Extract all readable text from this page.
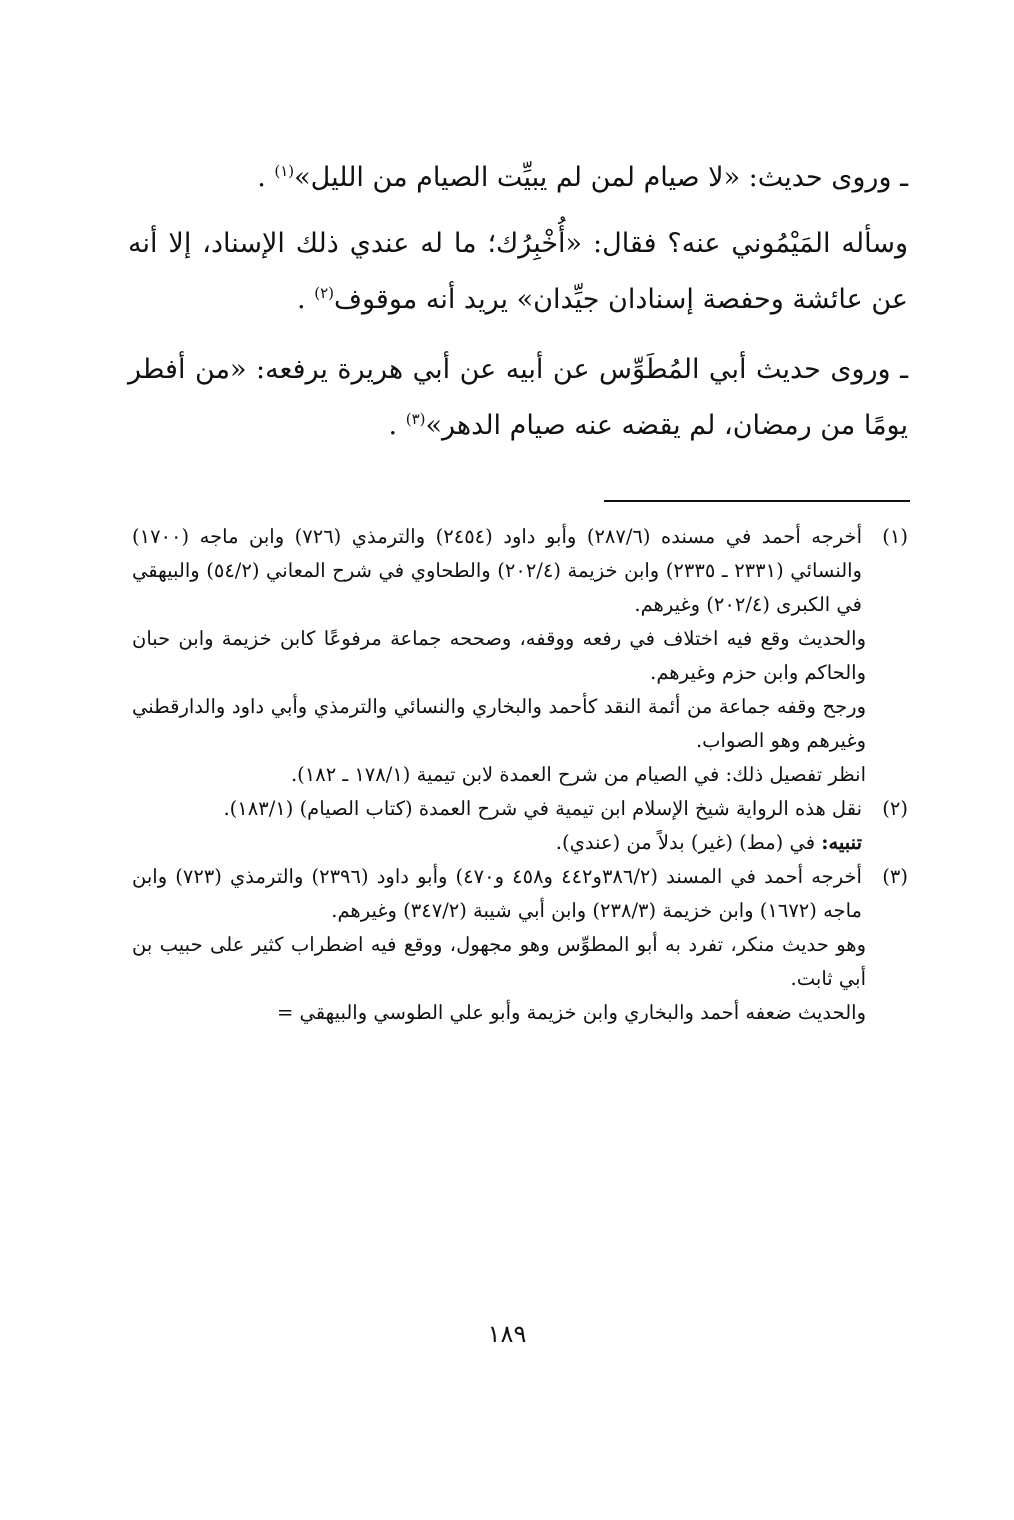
ـ وروى حديث: «لا صيام لمن لم يبيِّت الصيام من الليل»$^{(١)}$ .

وسأله المَيْمُوني عنه؟ فقال: «أُخْبِرُك؛ ما له عندي ذلك الإسناد، إلا أنه عن عائشة وحفصة إسنادان جيِّدان» يريد أنه موقوف$^{(٢)}$ .

ـ وروى حديث أبي المُطَوِّس عن أبيه عن أبي هريرة يرفعه: «من أفطر يومًا من رمضان، لم يقضه عنه صيام الدهر»$^{(٣)}$ .

(١)

أخرجه أحمد في مسنده (٢٨٧/٦) وأبو داود (٢٤٥٤) والترمذي (٧٢٦) وابن ماجه (١٧٠٠) والنسائي (٢٣٣١ ـ ٢٣٣٥) وابن خزيمة (٢٠٢/٤) والطحاوي في شرح المعاني (٥٤/٢) والبيهقي في الكبرى (٢٠٢/٤) وغيرهم.

والحديث وقع فيه اختلاف في رفعه ووقفه، وصححه جماعة مرفوعًا كابن خزيمة وابن حبان والحاكم وابن حزم وغيرهم.

ورجح وقفه جماعة من أئمة النقد كأحمد والبخاري والنسائي والترمذي وأبي داود والدارقطني وغيرهم وهو الصواب.

انظر تفصيل ذلك: في الصيام من شرح العمدة لابن تيمية (١٧٨/١ ـ ١٨٢).

(٢)

نقل هذه الرواية شيخ الإسلام ابن تيمية في شرح العمدة (كتاب الصيام) (١٨٣/١).

تنبيه: في (مط) (غير) بدلاً من (عندي).

(٣)

أخرجه أحمد في المسند (٣٨٦/٢و٤٤٢ و٤٥٨ و٤٧٠) وأبو داود (٢٣٩٦) والترمذي (٧٢٣) وابن ماجه (١٦٧٢) وابن خزيمة (٢٣٨/٣) وابن أبي شيبة (٣٤٧/٢) وغيرهم.

وهو حديث منكر، تفرد به أبو المطوِّس وهو مجهول، ووقع فيه اضطراب كثير على حبيب بن أبي ثابت.

والحديث ضعفه أحمد والبخاري وابن خزيمة وأبو علي الطوسي والبيهقي =

١٨٩
